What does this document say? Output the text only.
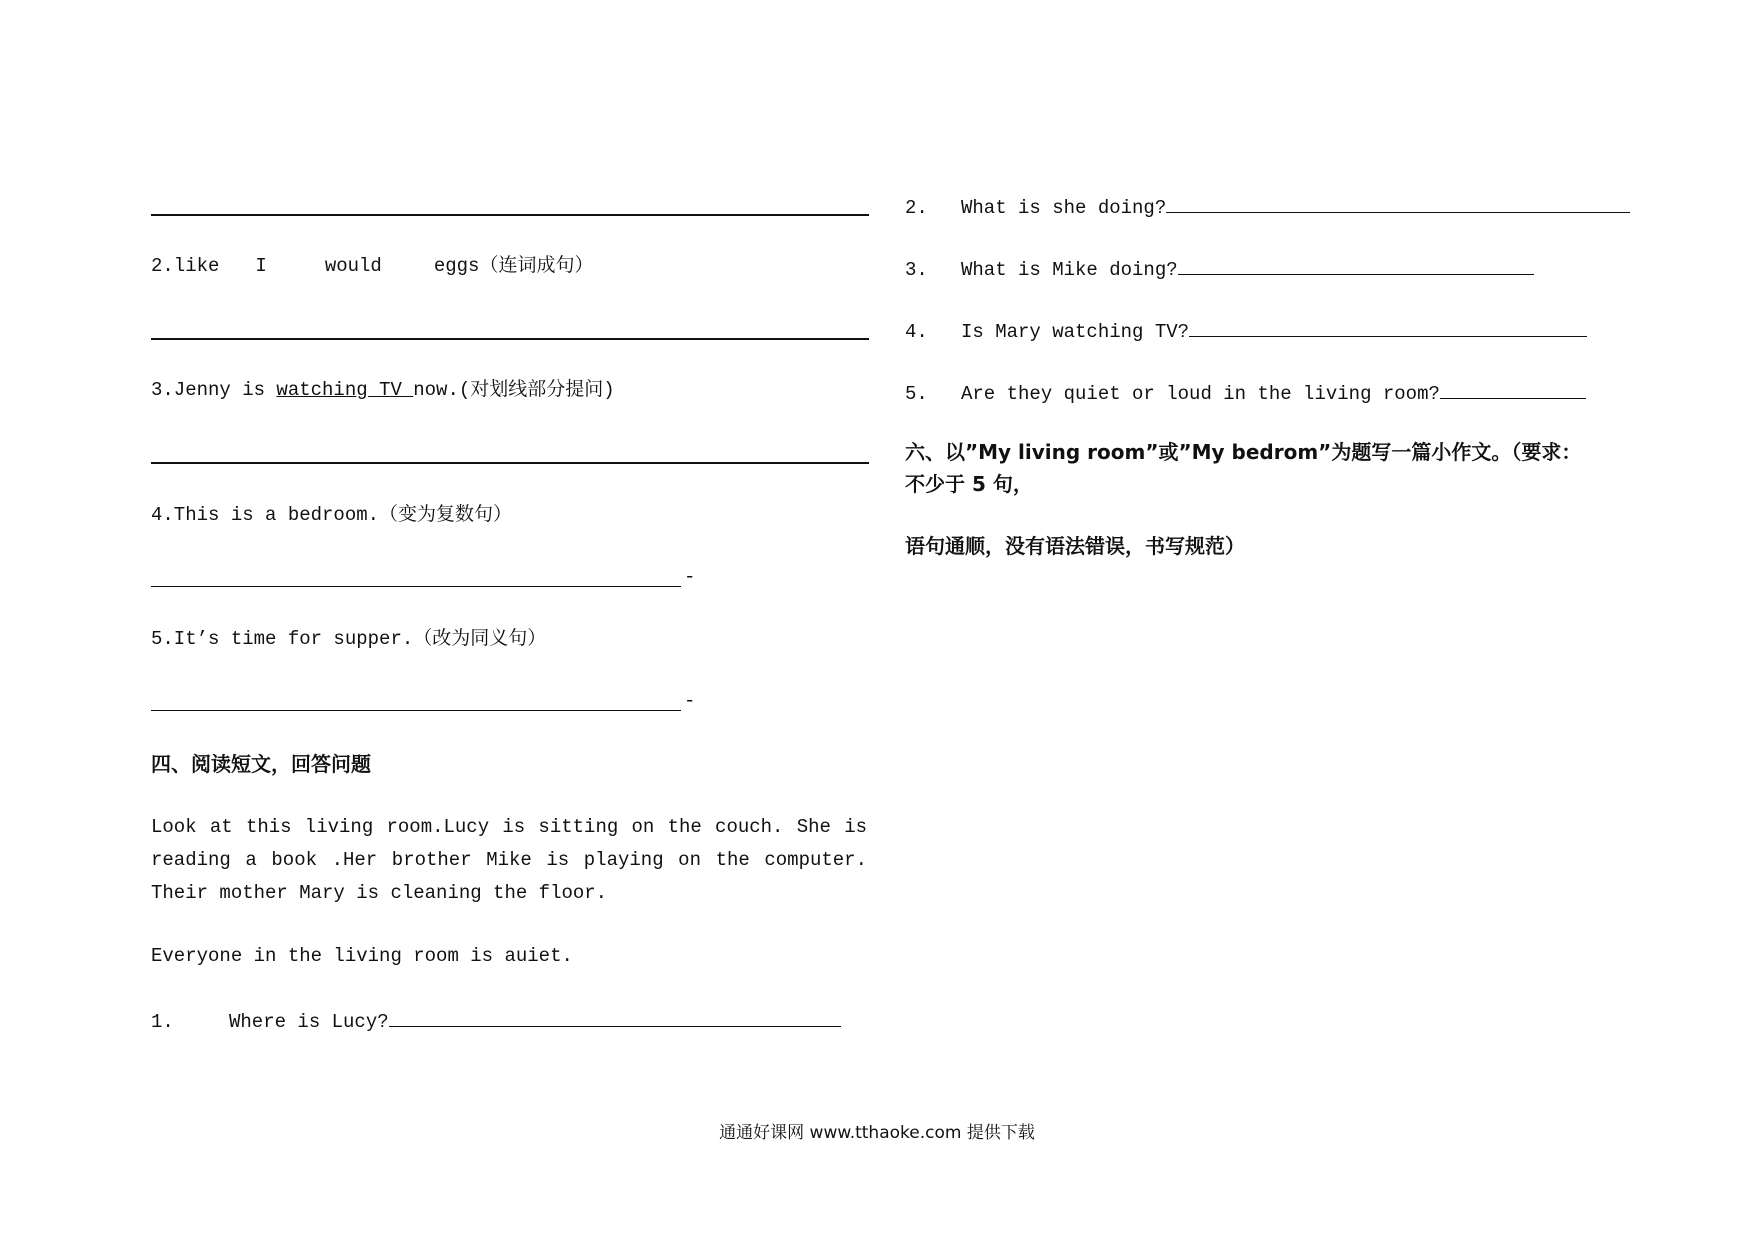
2.like I	would	eggs（连词成句）
3.Jenny is watching TV now.(对划线部分提问)
4.This is a bedroom.（变为复数句）
-
5.It’s time for supper.（改为同义句）
-
四、阅读短文，回答问题
Look at this living room.Lucy is sitting on the couch. She is reading a book .Her brother Mike is playing on the computer. Their mother Mary is cleaning the floor.
Everyone in the living room is auiet.
1.	Where is Lucy?
2. What is she doing?
3. What is Mike doing?
4. Is Mary watching TV?
5. Are they quiet or loud in the living room?
六、以”My living room”或”My bedrom”为题写一篇小作文。（要求：
不少于 5 句，
语句通顺，没有语法错误，书写规范）
通通好课网 www.tthaoke.com 提供下载
